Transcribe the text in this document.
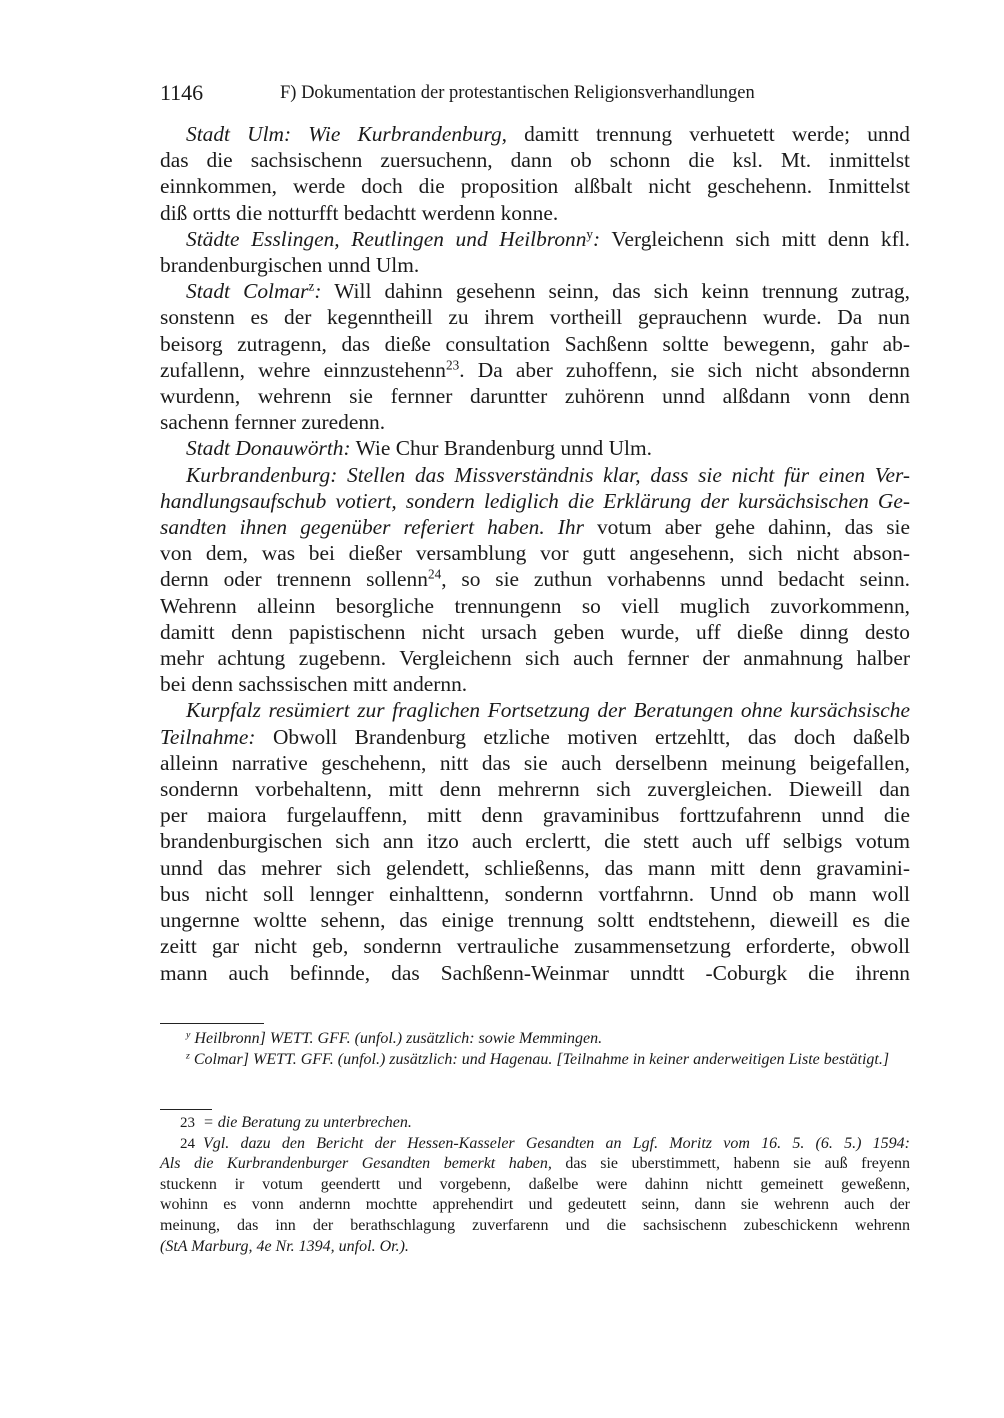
1146	F) Dokumentation der protestantischen Religionsverhandlungen

Stadt Ulm: Wie Kurbrandenburg, damitt trennung verhuetett werde; unnd
das die sachsischenn zuersuchenn, dann ob schonn die ksl. Mt. inmittelst
einnkommen, werde doch die proposition alßbalt nicht geschehenn. Inmittelst
diß ortts die notturfft bedachtt werdenn konne.

Städte Esslingen, Reutlingen und Heilbronn$^y$: Vergleichenn sich mitt denn kfl.
brandenburgischen unnd Ulm.

Stadt Colmar$^z$: Will dahinn gesehenn seinn, das sich keinn trennung zutrag,
sonstenn es der kegenntheill zu ihrem vortheill geprauchenn wurde. Da nun
beisorg zutragenn, das dieße consultation Sachßenn soltte bewegenn, gahr ab-
zufallenn, wehre einnzustehenn$^{23}$. Da aber zuhoffenn, sie sich nicht absondernn
wurdenn, wehrenn sie fernner daruntter zuhörenn unnd alßdann vonn denn
sachenn fernner zuredenn.

Stadt Donauwörth: Wie Chur Brandenburg unnd Ulm.

Kurbrandenburg: Stellen das Missverständnis klar, dass sie nicht für einen Ver-
handlungsaufschub votiert, sondern lediglich die Erklärung der kursächsischen Ge-
sandten ihnen gegenüber referiert haben. Ihr votum aber gehe dahinn, das sie
von dem, was bei dießer versamblung vor gutt angesehenn, sich nicht abson-
dernn oder trennenn sollenn$^{24}$, so sie zuthun vorhabenns unnd bedacht seinn.
Wehrenn alleinn besorgliche trennungenn so viell muglich zuvorkommenn,
damitt denn papistischenn nicht ursach geben wurde, uff dieße dinng desto
mehr achtung zugebenn. Vergleichenn sich auch fernner der anmahnung halber
bei denn sachssischen mitt andernn.

Kurpfalz resümiert zur fraglichen Fortsetzung der Beratungen ohne kursächsische
Teilnahme: Obwoll Brandenburg etzliche motiven ertzehltt, das doch daßelb
alleinn narrative geschehenn, nitt das sie auch derselbenn meinung beigefallen,
sondernn vorbehaltenn, mitt denn mehrernn sich zuvergleichen. Dieweill dan
per maiora furgelauffenn, mitt denn gravaminibus forttzufahrenn unnd die
brandenburgischen sich ann itzo auch erclertt, die stett auch uff selbigs votum
unnd das mehrer sich gelendett, schließenns, das mann mitt denn gravamini-
bus nicht soll lennger einhalttenn, sondernn vortfahrnn. Unnd ob mann woll
ungernne woltte sehenn, das einige trennung soltt endtstehenn, dieweill es die
zeitt gar nicht geb, sondernn vertrauliche zusammensetzung erforderte, obwoll
mann auch befinnde, das Sachßenn-Weinmar unndtt -Coburgk die ihrenn

$^y$ Heilbronn] WETT. GFF. (unfol.) zusätzlich: sowie Memmingen.

$^z$ Colmar] WETT. GFF. (unfol.) zusätzlich: und Hagenau. [Teilnahme in keiner anderweitigen Liste bestätigt.]

23 = die Beratung zu unterbrechen.

24 Vgl. dazu den Bericht der Hessen-Kasseler Gesandten an Lgf. Moritz vom 16. 5. (6. 5.) 1594:
Als die Kurbrandenburger Gesandten bemerkt haben, das sie uberstimmett, habenn sie auß freyenn
stuckenn ir votum geendertt und vorgebenn, daßelbe were dahinn nichtt gemeinett geweßenn,
wohinn es vonn andernn mochtte apprehendirt und gedeutett seinn, dann sie wehrenn auch der
meinung, das inn der berathschlagung zuverfarenn und die sachsischenn zubeschickenn wehrenn
(StA Marburg, 4e Nr. 1394, unfol. Or.).
